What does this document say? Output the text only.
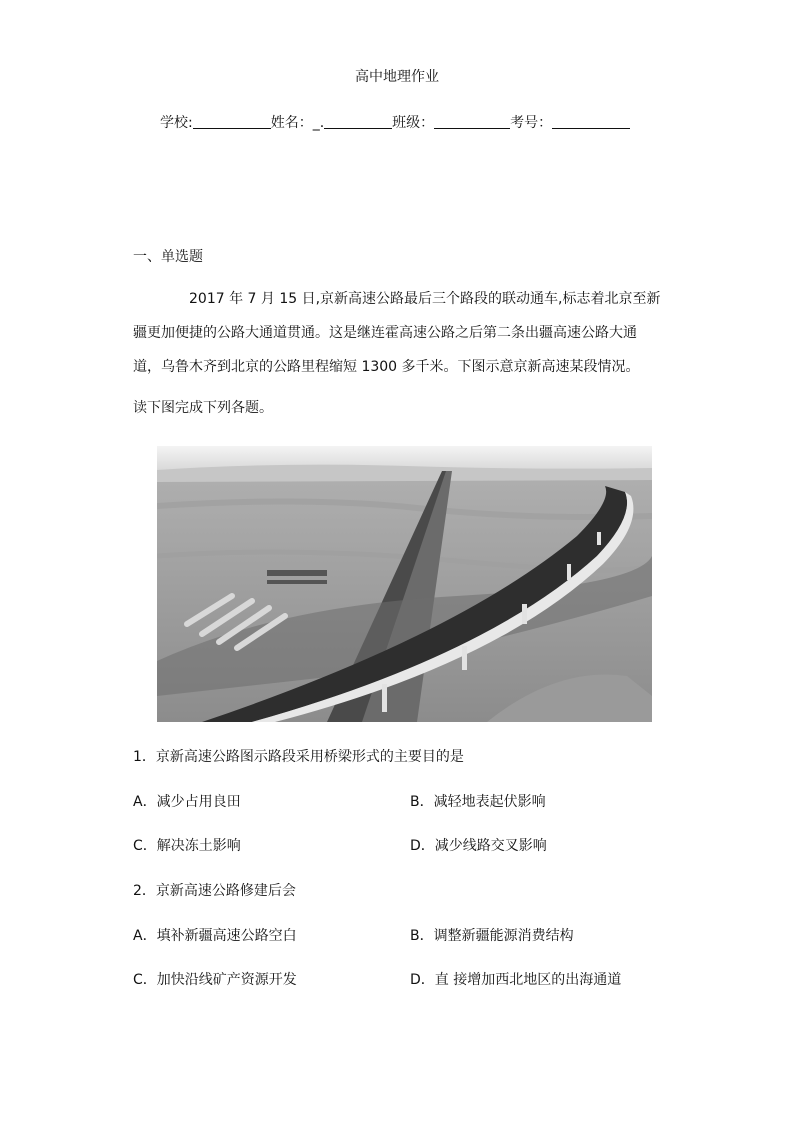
高中地理作业
学校:	姓名：_.	班级：	考号：
一、单选题

2017 年 7 月 15 日,京新高速公路最后三个路段的联动通车,标志着北京至新疆更加便捷的公路大通道贯通。这是继连霍高速公路之后第二条出疆高速公路大通道，乌鲁木齐到北京的公路里程缩短 1300 多千米。下图示意京新高速某段情况。

读下图完成下列各题。

1．京新高速公路图示路段采用桥梁形式的主要目的是
A．减少占用良田	B．减轻地表起伏影响
C．解决冻土影响	D．减少线路交叉影响
2．京新高速公路修建后会
A．填补新疆高速公路空白	B．调整新疆能源消费结构
C．加快沿线矿产资源开发	D．直 接增加西北地区的出海通道
